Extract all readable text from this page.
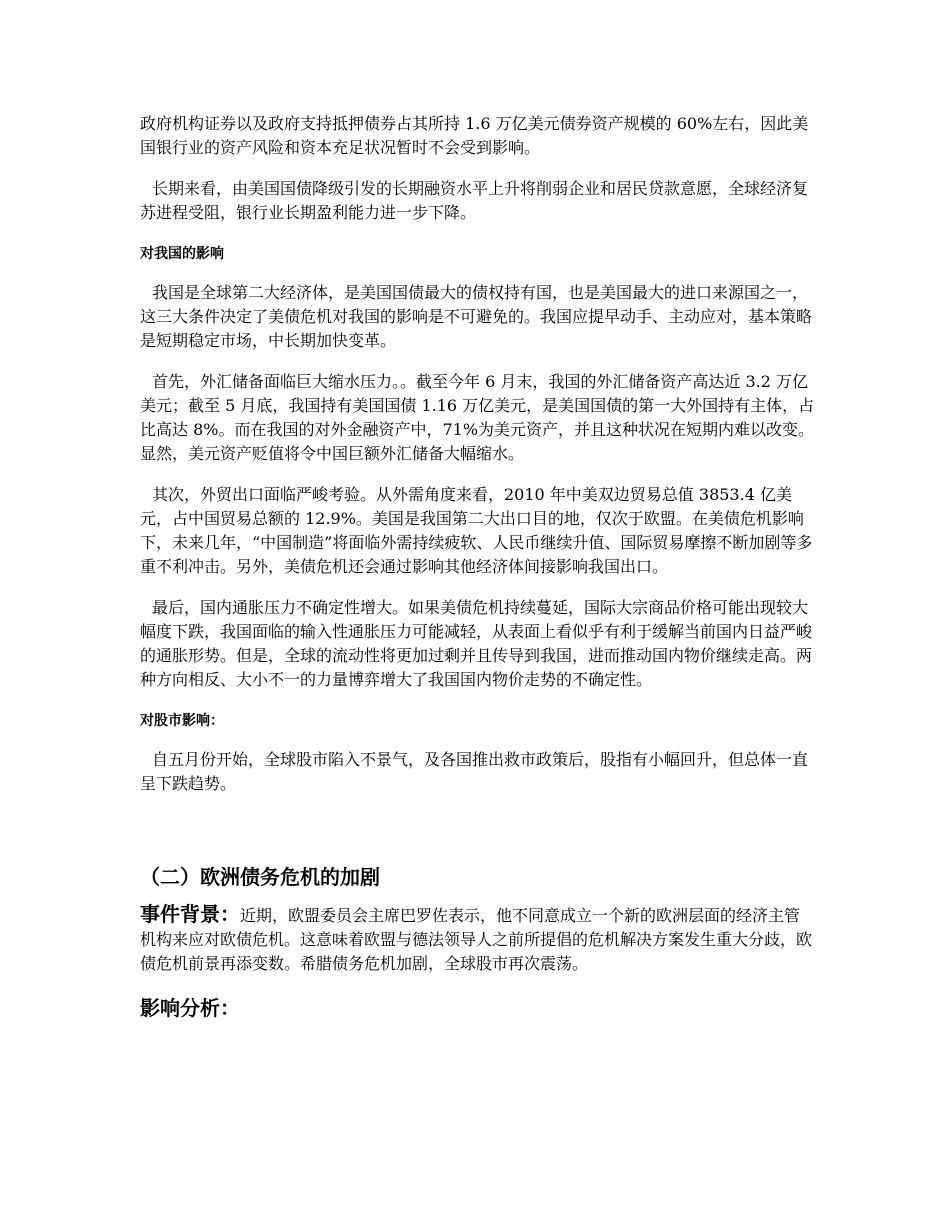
政府机构证券以及政府支持抵押债券占其所持 1.6 万亿美元债券资产规模的 60%左右，因此美国银行业的资产风险和资本充足状况暂时不会受到影响。

长期来看，由美国国债降级引发的长期融资水平上升将削弱企业和居民贷款意愿，全球经济复苏进程受阻，银行业长期盈利能力进一步下降。

对我国的影响

我国是全球第二大经济体，是美国国债最大的债权持有国，也是美国最大的进口来源国之一，这三大条件决定了美债危机对我国的影响是不可避免的。我国应提早动手、主动应对，基本策略是短期稳定市场，中长期加快变革。

首先，外汇储备面临巨大缩水压力。。截至今年 6 月末，我国的外汇储备资产高达近 3.2 万亿美元；截至 5 月底，我国持有美国国债 1.16 万亿美元，是美国国债的第一大外国持有主体，占比高达 8%。而在我国的对外金融资产中，71%为美元资产，并且这种状况在短期内难以改变。显然，美元资产贬值将令中国巨额外汇储备大幅缩水。

其次，外贸出口面临严峻考验。从外需角度来看，2010 年中美双边贸易总值 3853.4 亿美元，占中国贸易总额的 12.9%。美国是我国第二大出口目的地，仅次于欧盟。在美债危机影响下，未来几年，“中国制造”将面临外需持续疲软、人民币继续升值、国际贸易摩擦不断加剧等多重不利冲击。另外，美债危机还会通过影响其他经济体间接影响我国出口。

最后，国内通胀压力不确定性增大。如果美债危机持续蔓延，国际大宗商品价格可能出现较大幅度下跌，我国面临的输入性通胀压力可能减轻，从表面上看似乎有利于缓解当前国内日益严峻的通胀形势。但是，全球的流动性将更加过剩并且传导到我国，进而推动国内物价继续走高。两种方向相反、大小不一的力量博弈增大了我国国内物价走势的不确定性。

对股市影响：

自五月份开始，全球股市陷入不景气，及各国推出救市政策后，股指有小幅回升，但总体一直呈下跌趋势。

（二）欧洲债务危机的加剧

事件背景：近期，欧盟委员会主席巴罗佐表示，他不同意成立一个新的欧洲层面的经济主管机构来应对欧债危机。这意味着欧盟与德法领导人之前所提倡的危机解决方案发生重大分歧，欧债危机前景再添变数。希腊债务危机加剧，全球股市再次震荡。

影响分析：
